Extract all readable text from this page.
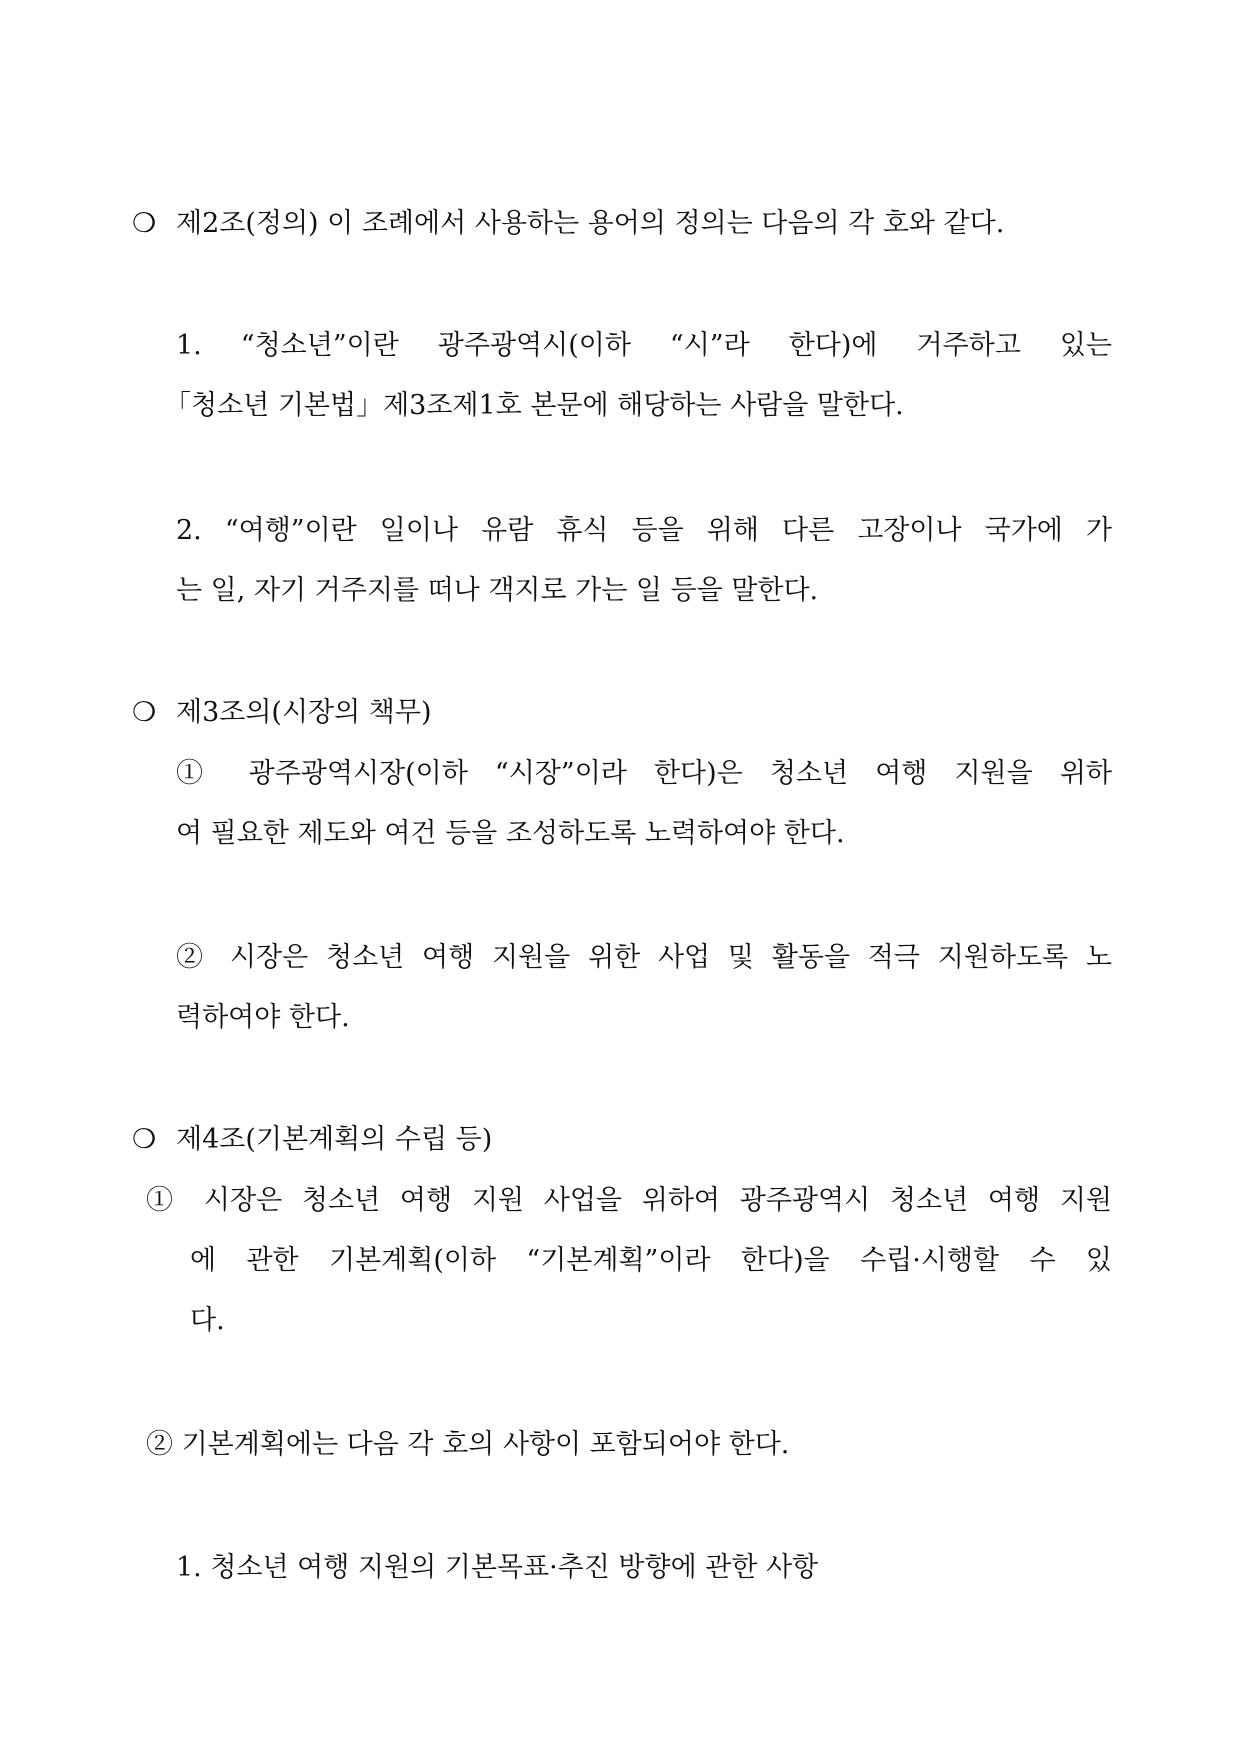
❍ 제2조(정의) 이 조례에서 사용하는 용어의 정의는 다음의 각 호와 같다.
1. “청소년”이란 광주광역시(이하 “시”라 한다)에 거주하고 있는
「청소년 기본법」제3조제1호 본문에 해당하는 사람을 말한다.
2. “여행”이란 일이나 유람 휴식 등을 위해 다른 고장이나 국가에 가
는 일, 자기 거주지를 떠나 객지로 가는 일 등을 말한다.
❍ 제3조의(시장의 책무)
① 광주광역시장(이하 “시장”이라 한다)은 청소년 여행 지원을 위하
여 필요한 제도와 여건 등을 조성하도록 노력하여야 한다.
② 시장은 청소년 여행 지원을 위한 사업 및 활동을 적극 지원하도록 노
력하여야 한다.
❍ 제4조(기본계획의 수립 등)
① 시장은 청소년 여행 지원 사업을 위하여 광주광역시 청소년 여행 지원
에 관한 기본계획(이하 “기본계획”이라 한다)을 수립·시행할 수 있
다.
② 기본계획에는 다음 각 호의 사항이 포함되어야 한다.
1. 청소년 여행 지원의 기본목표·추진 방향에 관한 사항
